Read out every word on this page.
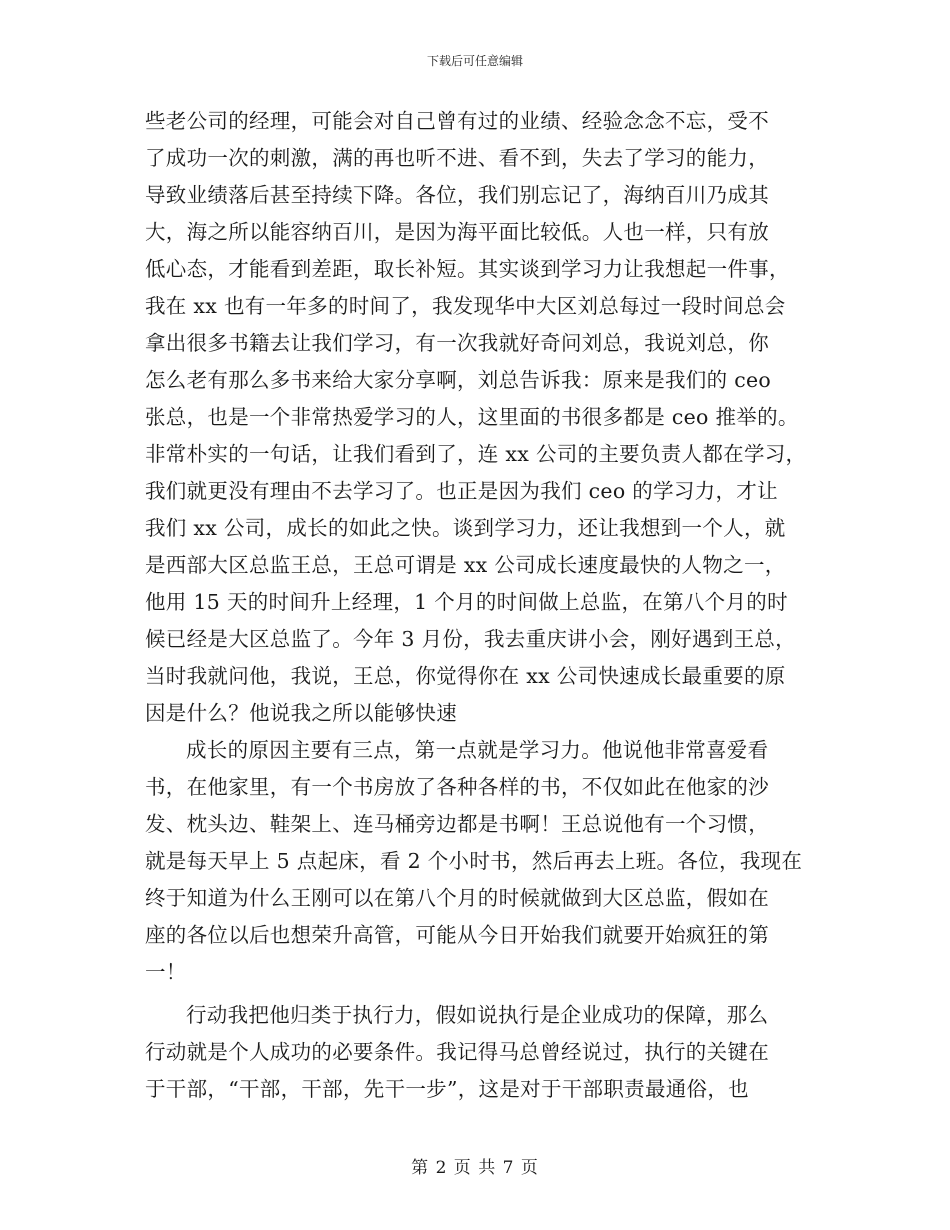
下载后可任意编辑
些老公司的经理，可能会对自己曾有过的业绩、经验念念不忘，受不
了成功一次的刺激，满的再也听不进、看不到，失去了学习的能力，
导致业绩落后甚至持续下降。各位，我们别忘记了，海纳百川乃成其
大，海之所以能容纳百川，是因为海平面比较低。人也一样，只有放
低心态，才能看到差距，取长补短。其实谈到学习力让我想起一件事，
我在 xx 也有一年多的时间了，我发现华中大区刘总每过一段时间总会
拿出很多书籍去让我们学习，有一次我就好奇问刘总，我说刘总，你
怎么老有那么多书来给大家分享啊，刘总告诉我：原来是我们的 ceo
张总，也是一个非常热爱学习的人，这里面的书很多都是 ceo 推举的。
非常朴实的一句话，让我们看到了，连 xx 公司的主要负责人都在学习，
我们就更没有理由不去学习了。也正是因为我们 ceo 的学习力，才让
我们 xx 公司，成长的如此之快。谈到学习力，还让我想到一个人，就
是西部大区总监王总，王总可谓是 xx 公司成长速度最快的人物之一，
他用 15 天的时间升上经理，1 个月的时间做上总监，在第八个月的时
候已经是大区总监了。今年 3 月份，我去重庆讲小会，刚好遇到王总，
当时我就问他，我说，王总，你觉得你在 xx 公司快速成长最重要的原
因是什么？他说我之所以能够快速
成长的原因主要有三点，第一点就是学习力。他说他非常喜爱看
书，在他家里，有一个书房放了各种各样的书，不仅如此在他家的沙
发、枕头边、鞋架上、连马桶旁边都是书啊！王总说他有一个习惯，
就是每天早上 5 点起床，看 2 个小时书，然后再去上班。各位，我现在
终于知道为什么王刚可以在第八个月的时候就做到大区总监，假如在
座的各位以后也想荣升高管，可能从今日开始我们就要开始疯狂的第
一！
行动我把他归类于执行力，假如说执行是企业成功的保障，那么
行动就是个人成功的必要条件。我记得马总曾经说过，执行的关键在
于干部，“干部，干部，先干一步”，这是对于干部职责最通俗，也
第 2 页 共 7 页
